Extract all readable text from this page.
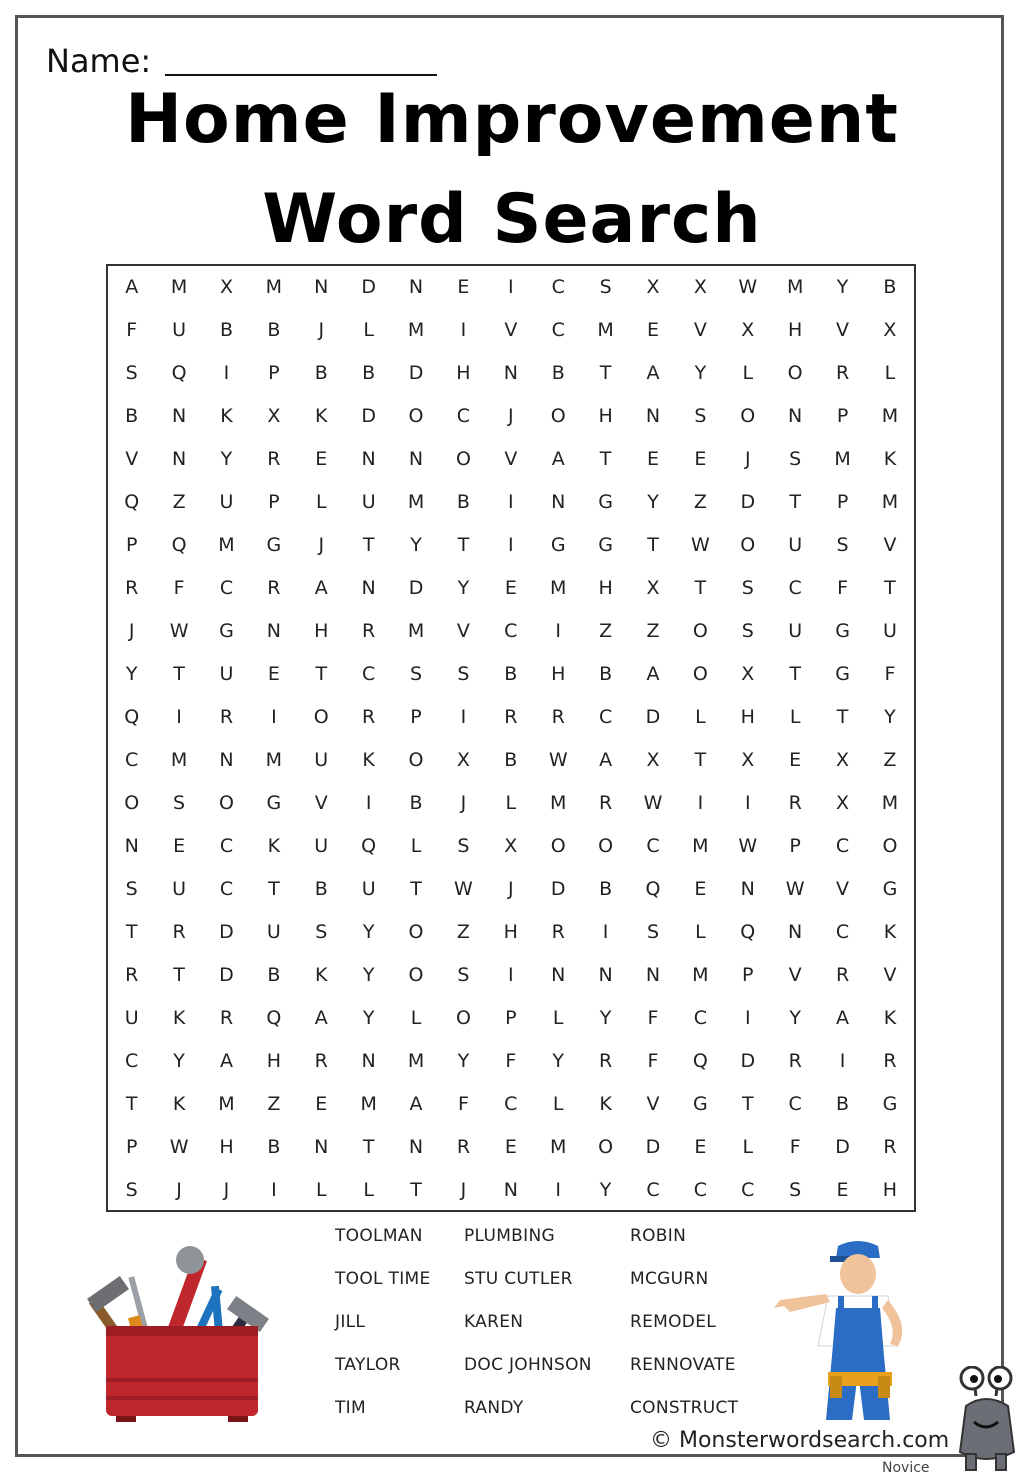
Name:
Home Improvement
Word Search
A	M	X	M	N	D	N	E	I	C	S	X	X	W	M	Y	B
F	U	B	B	J	L	M	I	V	C	M	E	V	X	H	V	X
S	Q	I	P	B	B	D	H	N	B	T	A	Y	L	O	R	L
B	N	K	X	K	D	O	C	J	O	H	N	S	O	N	P	M
V	N	Y	R	E	N	N	O	V	A	T	E	E	J	S	M	K
Q	Z	U	P	L	U	M	B	I	N	G	Y	Z	D	T	P	M
P	Q	M	G	J	T	Y	T	I	G	G	T	W	O	U	S	V
R	F	C	R	A	N	D	Y	E	M	H	X	T	S	C	F	T
J	W	G	N	H	R	M	V	C	I	Z	Z	O	S	U	G	U
Y	T	U	E	T	C	S	S	B	H	B	A	O	X	T	G	F
Q	I	R	I	O	R	P	I	R	R	C	D	L	H	L	T	Y
C	M	N	M	U	K	O	X	B	W	A	X	T	X	E	X	Z
O	S	O	G	V	I	B	J	L	M	R	W	I	I	R	X	M
N	E	C	K	U	Q	L	S	X	O	O	C	M	W	P	C	O
S	U	C	T	B	U	T	W	J	D	B	Q	E	N	W	V	G
T	R	D	U	S	Y	O	Z	H	R	I	S	L	Q	N	C	K
R	T	D	B	K	Y	O	S	I	N	N	N	M	P	V	R	V
U	K	R	Q	A	Y	L	O	P	L	Y	F	C	I	Y	A	K
C	Y	A	H	R	N	M	Y	F	Y	R	F	Q	D	R	I	R
T	K	M	Z	E	M	A	F	C	L	K	V	G	T	C	B	G
P	W	H	B	N	T	N	R	E	M	O	D	E	L	F	D	R
S	J	J	I	L	L	T	J	N	I	Y	C	C	C	S	E	H
TOOLMAN
TOOL TIME
JILL
TAYLOR
TIM
PLUMBING
STU CUTLER
KAREN
DOC JOHNSON
RANDY
ROBIN
MCGURN
REMODEL
RENNOVATE
CONSTRUCT
© Monsterwordsearch.com
Novice
